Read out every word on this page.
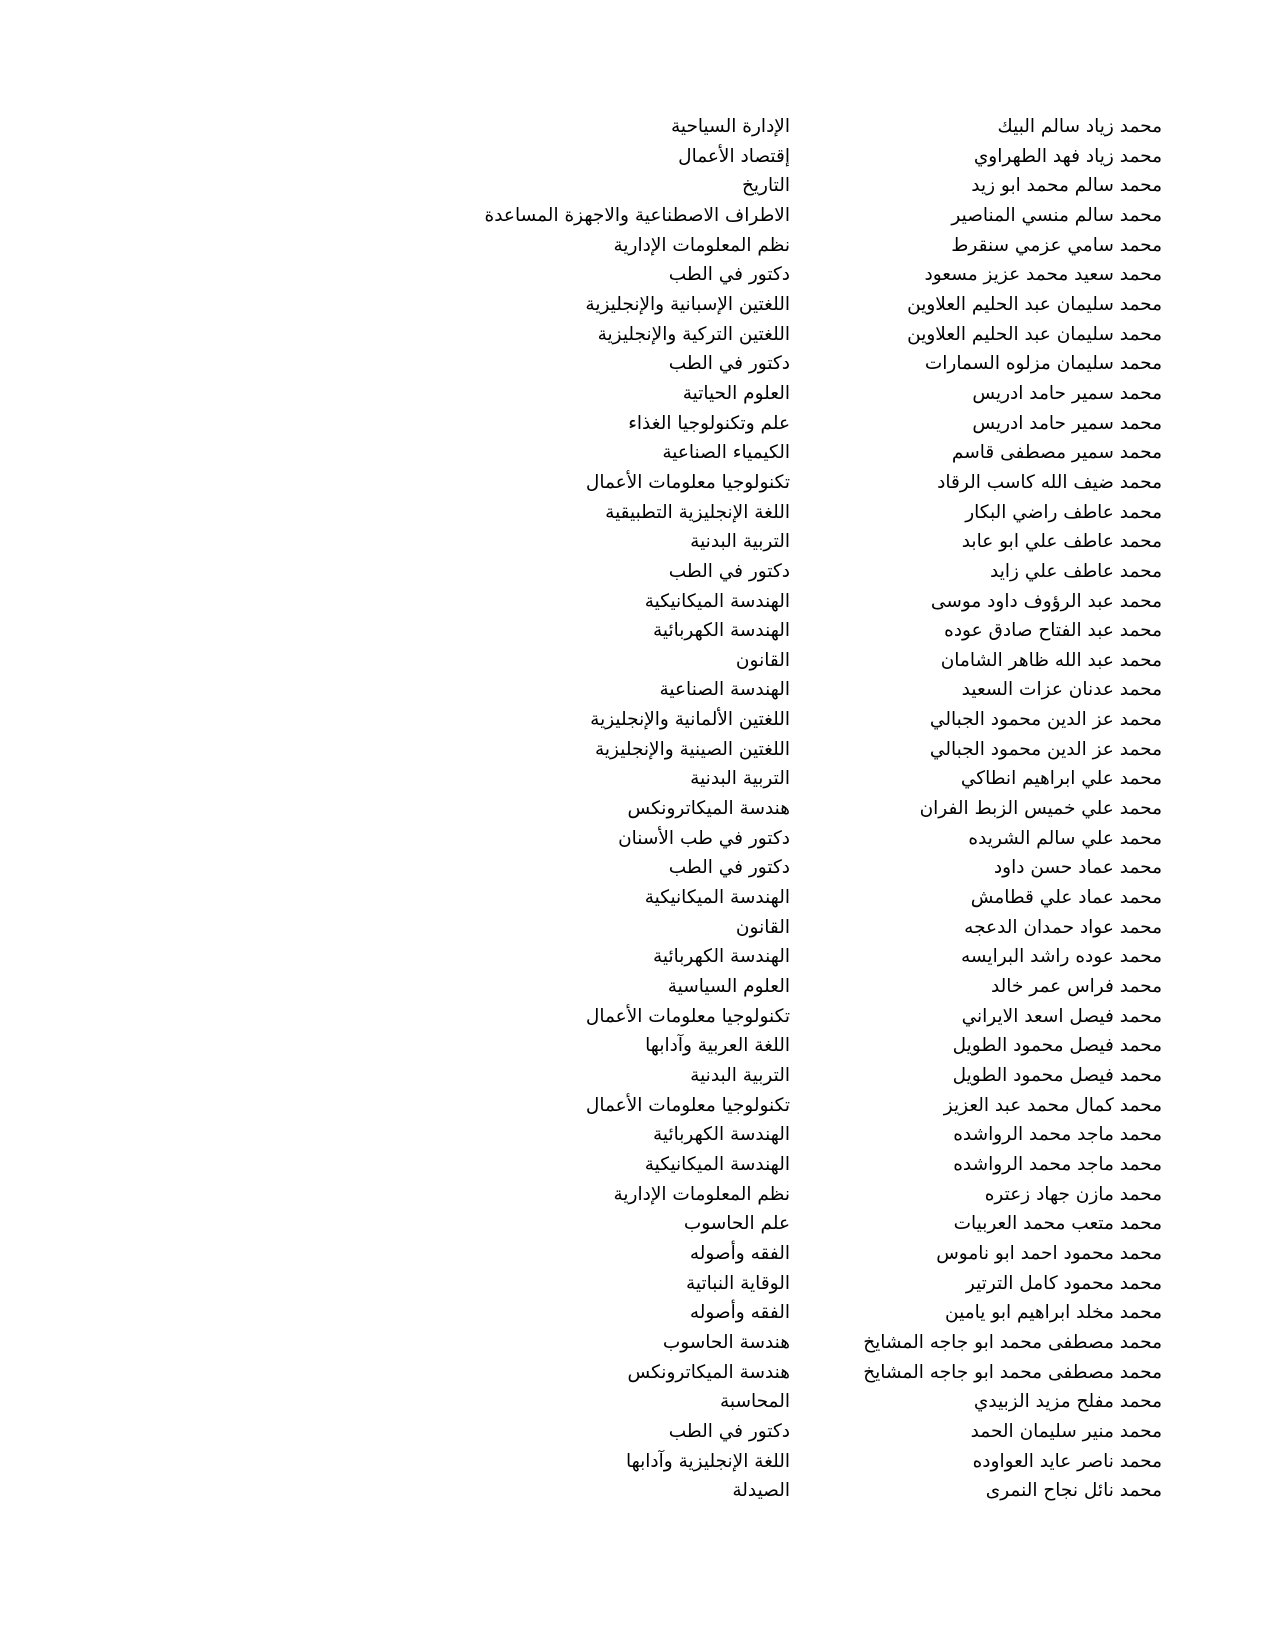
محمد زياد سالم البيك
الإدارة السياحية
محمد زياد فهد الطهراوي
إقتصاد الأعمال
محمد سالم محمد ابو زيد
التاريخ
محمد سالم منسي المناصير
الاطراف الاصطناعية والاجهزة المساعدة
محمد سامي عزمي سنقرط
نظم المعلومات الإدارية
محمد سعيد محمد عزيز مسعود
دكتور في الطب
محمد سليمان عبد الحليم العلاوين
اللغتين الإسبانية والإنجليزية
محمد سليمان عبد الحليم العلاوين
اللغتين التركية والإنجليزية
محمد سليمان مزلوه السمارات
دكتور في الطب
محمد سمير حامد ادريس
العلوم الحياتية
محمد سمير حامد ادريس
علم وتكنولوجيا الغذاء
محمد سمير مصطفى قاسم
الكيمياء الصناعية
محمد ضيف الله كاسب الرقاد
تكنولوجيا معلومات الأعمال
محمد عاطف راضي البكار
اللغة الإنجليزية التطبيقية
محمد عاطف علي ابو عابد
التربية البدنية
محمد عاطف علي زايد
دكتور في الطب
محمد عبد الرؤوف داود موسى
الهندسة الميكانيكية
محمد عبد الفتاح صادق عوده
الهندسة الكهربائية
محمد عبد الله ظاهر الشامان
القانون
محمد عدنان عزات السعيد
الهندسة الصناعية
محمد عز الدين محمود الجبالي
اللغتين الألمانية والإنجليزية
محمد عز الدين محمود الجبالي
اللغتين الصينية والإنجليزية
محمد علي ابراهيم انطاكي
التربية البدنية
محمد علي خميس الزبط الفران
هندسة الميكاترونكس
محمد علي سالم الشريده
دكتور في طب الأسنان
محمد عماد حسن داود
دكتور في الطب
محمد عماد علي قطامش
الهندسة الميكانيكية
محمد عواد حمدان الدعجه
القانون
محمد عوده راشد البرايسه
الهندسة الكهربائية
محمد فراس عمر خالد
العلوم السياسية
محمد فيصل اسعد الايراني
تكنولوجيا معلومات الأعمال
محمد فيصل محمود الطويل
اللغة العربية وآدابها
محمد فيصل محمود الطويل
التربية البدنية
محمد كمال محمد عبد العزيز
تكنولوجيا معلومات الأعمال
محمد ماجد محمد الرواشده
الهندسة الكهربائية
محمد ماجد محمد الرواشده
الهندسة الميكانيكية
محمد مازن جهاد زعتره
نظم المعلومات الإدارية
محمد متعب محمد العربيات
علم الحاسوب
محمد محمود احمد ابو ناموس
الفقه وأصوله
محمد محمود كامل الترتير
الوقاية النباتية
محمد مخلد ابراهيم ابو يامين
الفقه وأصوله
محمد مصطفى محمد ابو جاجه المشايخ
هندسة الحاسوب
محمد مصطفى محمد ابو جاجه المشايخ
هندسة الميكاترونكس
محمد مفلح مزيد الزبيدي
المحاسبة
محمد منير سليمان الحمد
دكتور في الطب
محمد ناصر عايد العواوده
اللغة الإنجليزية وآدابها
محمد نائل نجاح النمرى
الصيدلة
